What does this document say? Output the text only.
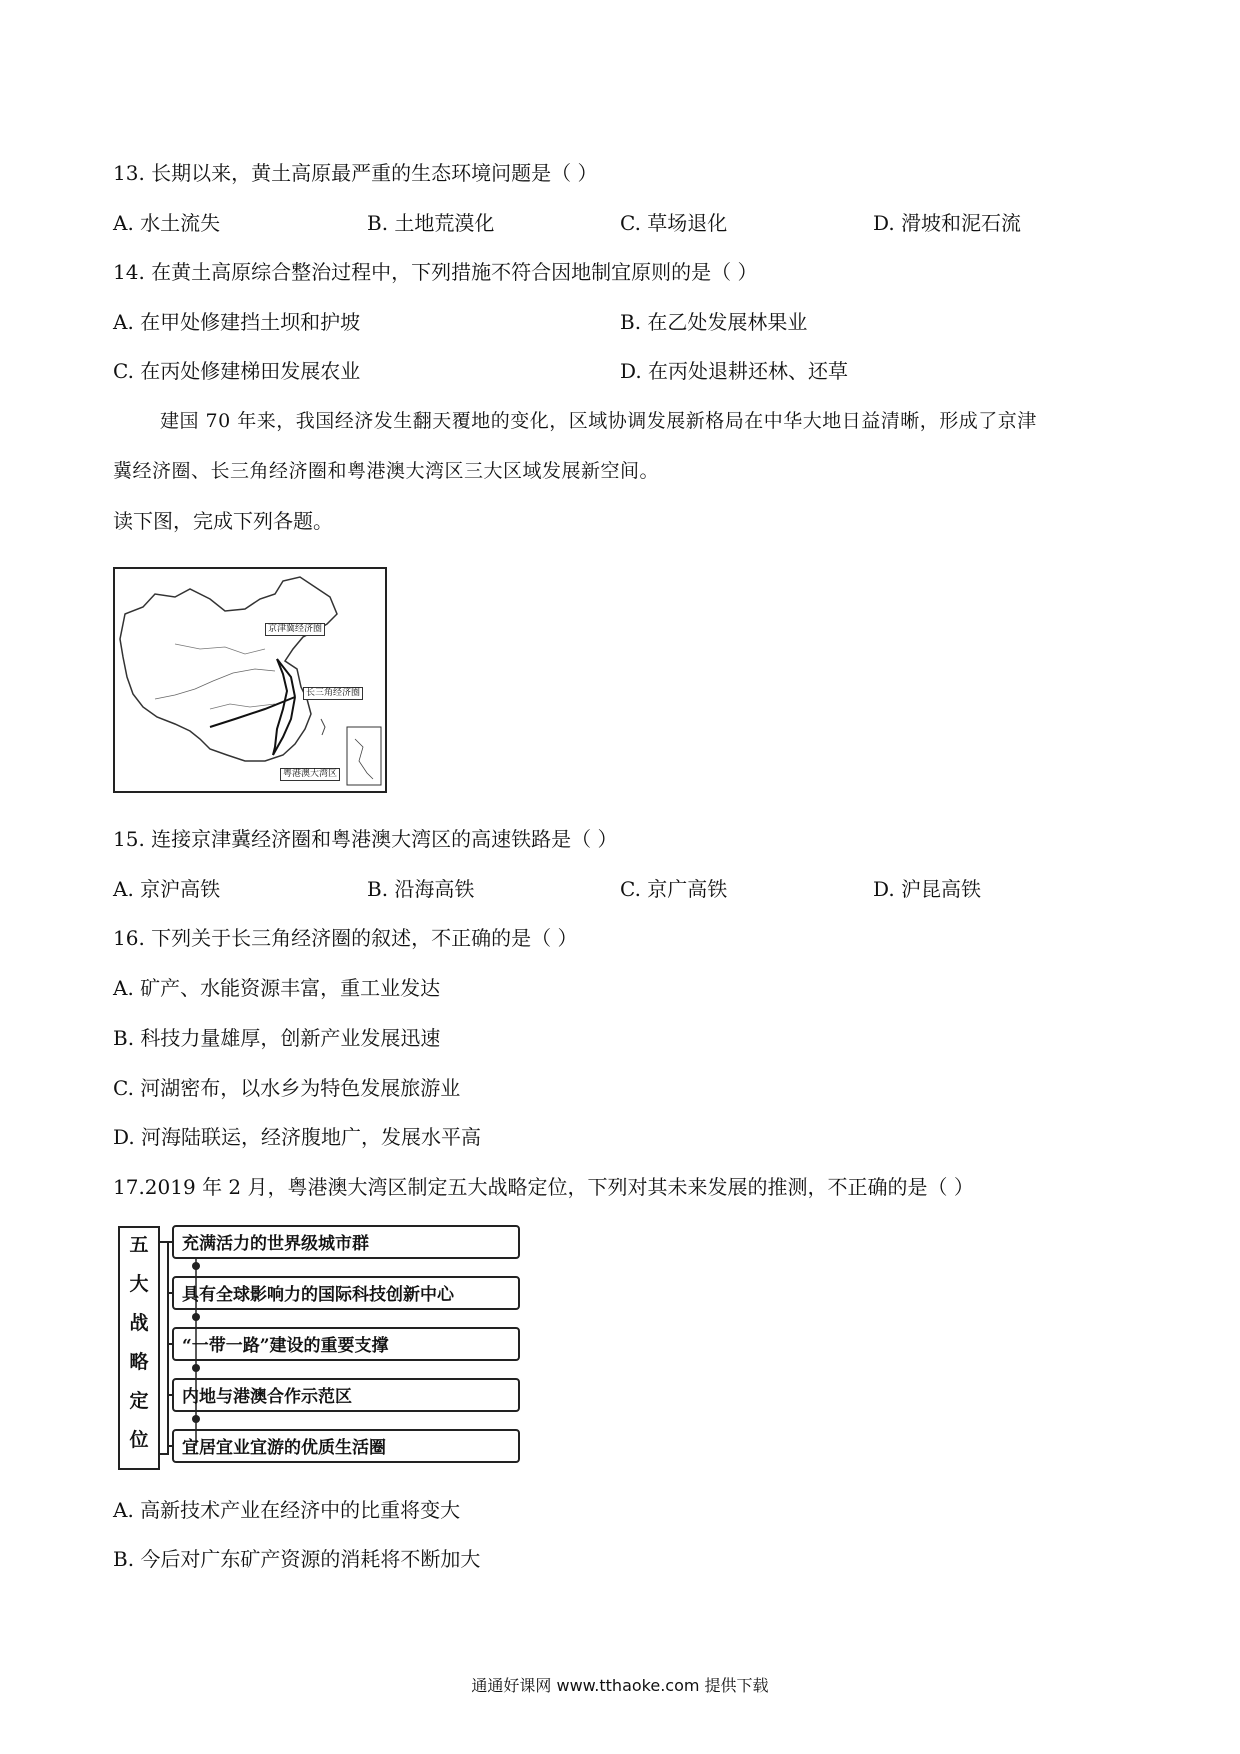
13. 长期以来，黄土高原最严重的生态环境问题是（ ）
A. 水土流失	B. 土地荒漠化	C. 草场退化	D. 滑坡和泥石流
14. 在黄土高原综合整治过程中，下列措施不符合因地制宜原则的是（ ）
A. 在甲处修建挡土坝和护坡	B. 在乙处发展林果业
C. 在丙处修建梯田发展农业	D. 在丙处退耕还林、还草
建国 70 年来，我国经济发生翻天覆地的变化，区域协调发展新格局在中华大地日益清晰，形成了京津
冀经济圈、长三角经济圈和粤港澳大湾区三大区域发展新空间。
读下图，完成下列各题。
京津冀经济圈
长三角经济圈
粤港澳大湾区
15. 连接京津冀经济圈和粤港澳大湾区的高速铁路是（ ）
A. 京沪高铁	B. 沿海高铁	C. 京广高铁	D. 沪昆高铁
16. 下列关于长三角经济圈的叙述，不正确的是（ ）
A. 矿产、水能资源丰富，重工业发达
B. 科技力量雄厚，创新产业发展迅速
C. 河湖密布，以水乡为特色发展旅游业
D. 河海陆联运，经济腹地广，发展水平高
17.2019 年 2 月，粤港澳大湾区制定五大战略定位，下列对其未来发展的推测，不正确的是（ ）
五
大
战
略
定
位
充满活力的世界级城市群
具有全球影响力的国际科技创新中心
“一带一路”建设的重要支撑
内地与港澳合作示范区
宜居宜业宜游的优质生活圈
A. 高新技术产业在经济中的比重将变大
B. 今后对广东矿产资源的消耗将不断加大
通通好课网 www.tthaoke.com 提供下载
